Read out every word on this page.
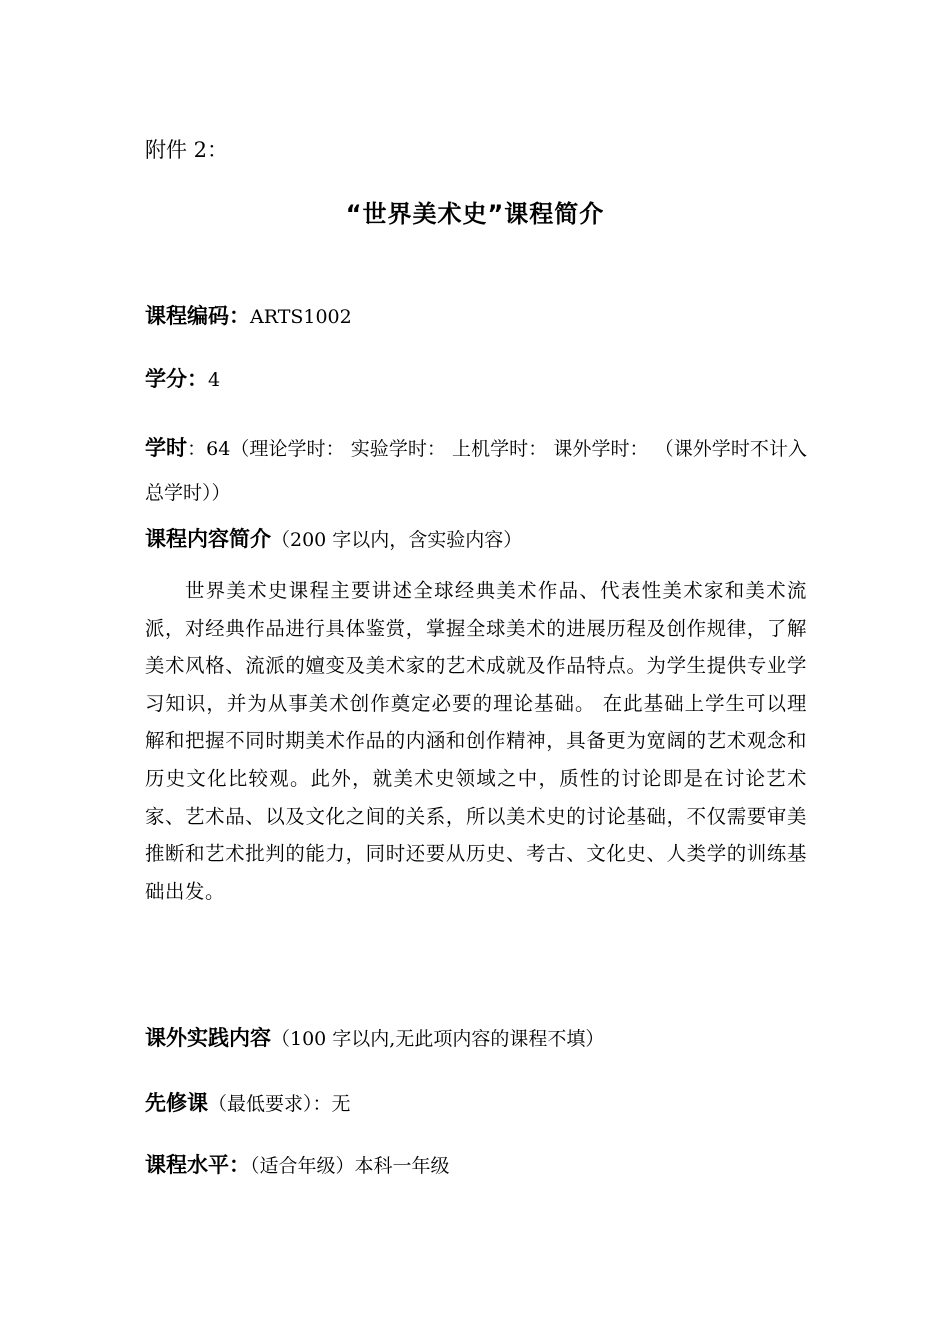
附件 2：
“世界美术史”课程简介
课程编码：ARTS1002
学分：4
学时：64（理论学时： 实验学时： 上机学时： 课外学时： （课外学时不计入总学时））
课程内容简介（200 字以内，含实验内容）
世界美术史课程主要讲述全球经典美术作品、代表性美术家和美术流派，对经典作品进行具体鉴赏，掌握全球美术的进展历程及创作规律，了解美术风格、流派的嬗变及美术家的艺术成就及作品特点。为学生提供专业学习知识，并为从事美术创作奠定必要的理论基础。 在此基础上学生可以理解和把握不同时期美术作品的内涵和创作精神，具备更为宽阔的艺术观念和历史文化比较观。此外，就美术史领域之中，质性的讨论即是在讨论艺术家、艺术品、以及文化之间的关系，所以美术史的讨论基础，不仅需要审美推断和艺术批判的能力，同时还要从历史、考古、文化史、人类学的训练基础出发。
课外实践内容（100 字以内,无此项内容的课程不填）
先修课（最低要求）：无
课程水平：（适合年级）本科一年级
